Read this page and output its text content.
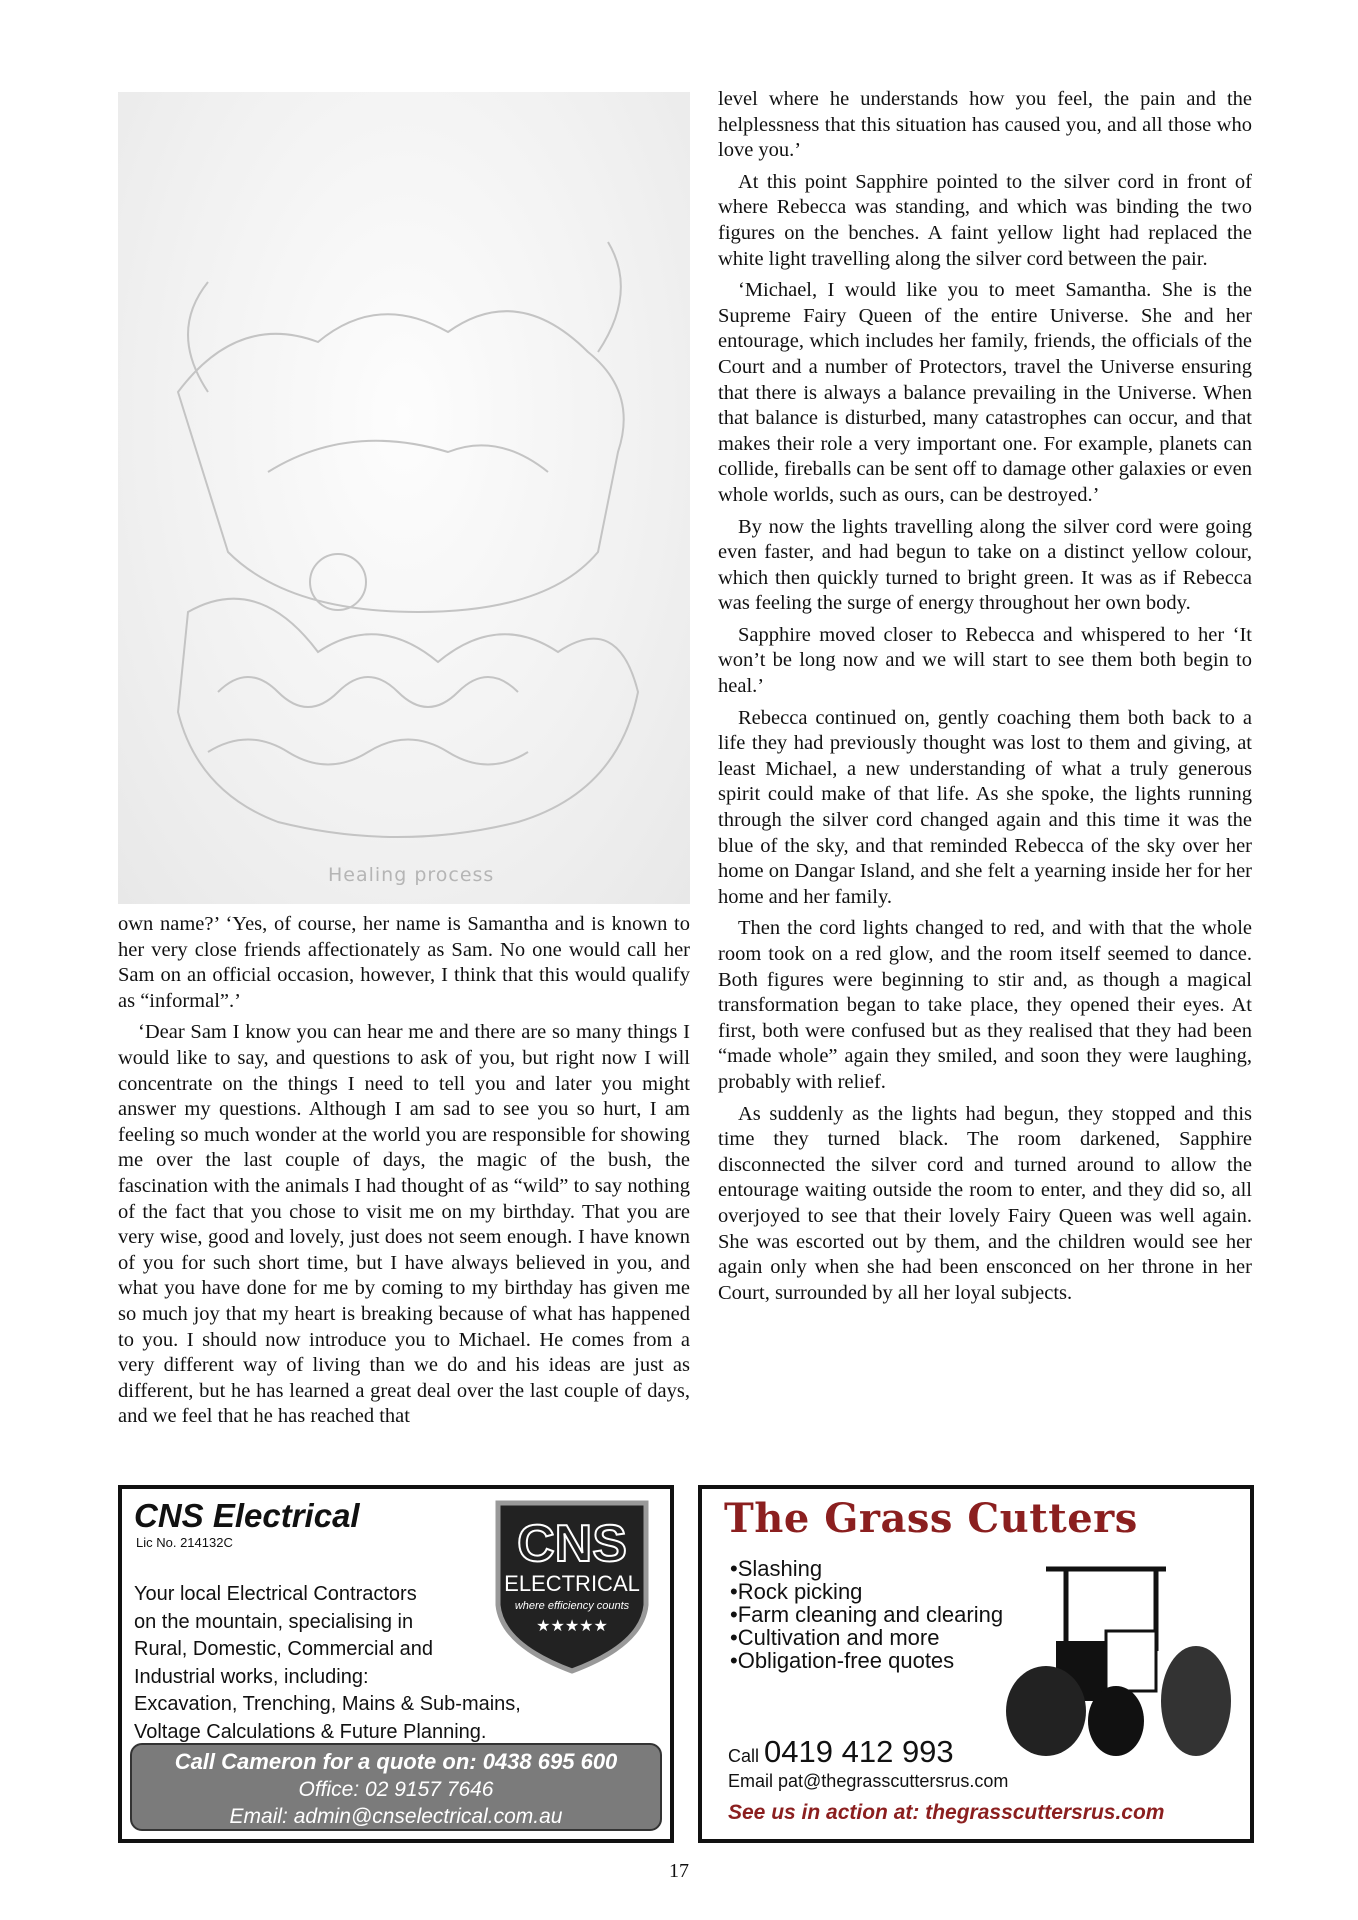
Healing process

own name?’ ‘Yes, of course, her name is Samantha and is known to her very close friends affectionately as Sam. No one would call her Sam on an official occasion, however, I think that this would qualify as “informal”.’

‘Dear Sam I know you can hear me and there are so many things I would like to say, and questions to ask of you, but right now I will concentrate on the things I need to tell you and later you might answer my questions. Although I am sad to see you so hurt, I am feeling so much wonder at the world you are responsible for showing me over the last couple of days, the magic of the bush, the fascination with the animals I had thought of as “wild” to say nothing of the fact that you chose to visit me on my birthday. That you are very wise, good and lovely, just does not seem enough. I have known of you for such short time, but I have always believed in you, and what you have done for me by coming to my birthday has given me so much joy that my heart is breaking because of what has happened to you. I should now introduce you to Michael. He comes from a very different way of living than we do and his ideas are just as different, but he has learned a great deal over the last couple of days, and we feel that he has reached that

level where he understands how you feel, the pain and the helplessness that this situation has caused you, and all those who love you.’

At this point Sapphire pointed to the silver cord in front of where Rebecca was standing, and which was binding the two figures on the benches. A faint yellow light had replaced the white light travelling along the silver cord between the pair.

‘Michael, I would like you to meet Samantha. She is the Supreme Fairy Queen of the entire Universe. She and her entourage, which includes her family, friends, the officials of the Court and a number of Protectors, travel the Universe ensuring that there is always a balance prevailing in the Universe. When that balance is disturbed, many catastrophes can occur, and that makes their role a very important one. For example, planets can collide, fireballs can be sent off to damage other galaxies or even whole worlds, such as ours, can be destroyed.’

By now the lights travelling along the silver cord were going even faster, and had begun to take on a distinct yellow colour, which then quickly turned to bright green. It was as if Rebecca was feeling the surge of energy throughout her own body.

Sapphire moved closer to Rebecca and whispered to her ‘It won’t be long now and we will start to see them both begin to heal.’

Rebecca continued on, gently coaching them both back to a life they had previously thought was lost to them and giving, at least Michael, a new understanding of what a truly generous spirit could make of that life. As she spoke, the lights running through the silver cord changed again and this time it was the blue of the sky, and that reminded Rebecca of the sky over her home on Dangar Island, and she felt a yearning inside her for her home and her family.

Then the cord lights changed to red, and with that the whole room took on a red glow, and the room itself seemed to dance. Both figures were beginning to stir and, as though a magical transformation began to take place, they opened their eyes. At first, both were confused but as they realised that they had been “made whole” again they smiled, and soon they were laughing, probably with relief.

As suddenly as the lights had begun, they stopped and this time they turned black. The room darkened, Sapphire disconnected the silver cord and turned around to allow the entourage waiting outside the room to enter, and they did so, all overjoyed to see that their lovely Fairy Queen was well again. She was escorted out by them, and the children would see her again only when she had been ensconced on her throne in her Court, surrounded by all her loyal subjects.

CNS Electrical
Lic No. 214132C	CNS
ELECTRICAL
where efficiency counts
★★★★★
Your local Electrical Contractors
on the mountain, specialising in
Rural, Domestic, Commercial and
Industrial works, including:
Excavation, Trenching, Mains & Sub-mains,
Voltage Calculations & Future Planning.
Call Cameron for a quote on: 0438 695 600
Office: 02 9157 7646
Email: admin@cnselectrical.com.au
The Grass Cutters
• Slashing
• Rock picking
• Farm cleaning and clearing
• Cultivation and more
• Obligation-free quotes
Call 0419 412 993
Email pat@thegrasscuttersrus.com
See us in action at: thegrasscuttersrus.com
17
